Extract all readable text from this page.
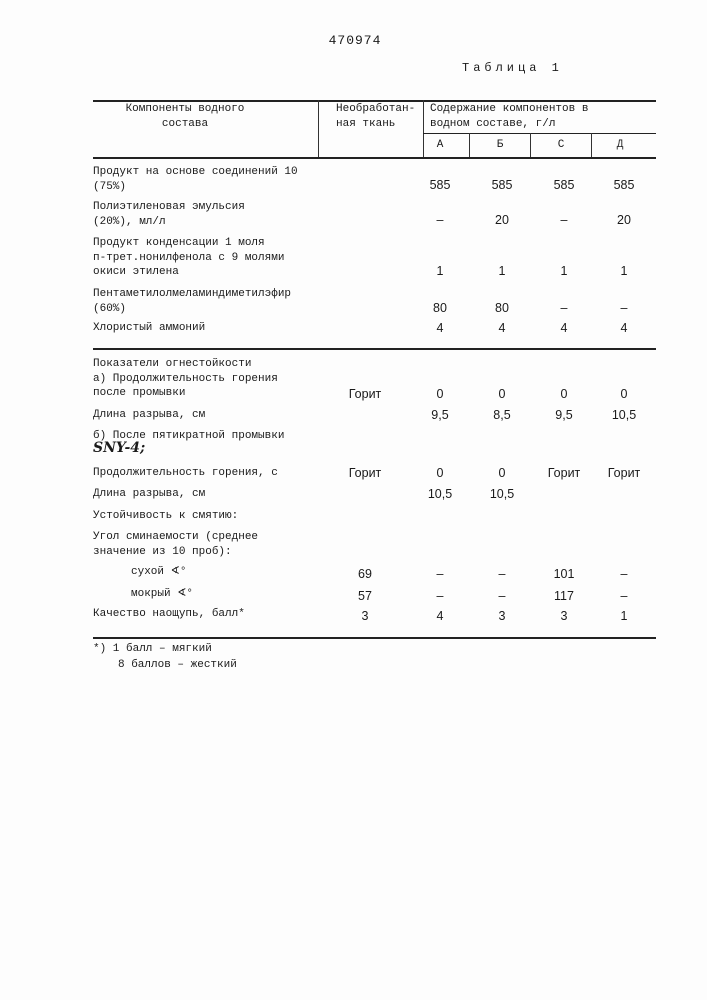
470974
Таблица 1
Компоненты водного
состава
Необработан-
ная ткань
Содержание компонентов в
водном составе, г/л
А	Б	С	Д
Продукт на основе соединений 10
(75%)	585	585	585	585
Полиэтиленовая эмульсия
(20%), мл/л	–	20	–	20
Продукт конденсации 1 моля
п-трет.нонилфенола с 9 молями
окиси этилена	1	1	1	1
Пентаметилолмеламиндиметилэфир
(60%)	80	80	–	–
Хлористый аммоний	4	4	4	4
Показатели огнестойкости
а) Продолжительность горения
после промывки	Горит	0	0	0	0
Длина разрыва, см	9,5	8,5	9,5	10,5
б) После пятикратной промывки
SNY-4;
Продолжительность горения, с	Горит	0	0	Горит Горит
Длина разрыва, см	10,5	10,5
Устойчивость к смятию:
Угол сминаемости (среднее
значение из 10 проб):
сухой ∢°	69	–	–	101	–
мокрый ∢°	57	–	–	117	–
Качество наощупь, балл*	3	4	3	3	1
*) 1 балл – мягкий
8 баллов – жесткий
